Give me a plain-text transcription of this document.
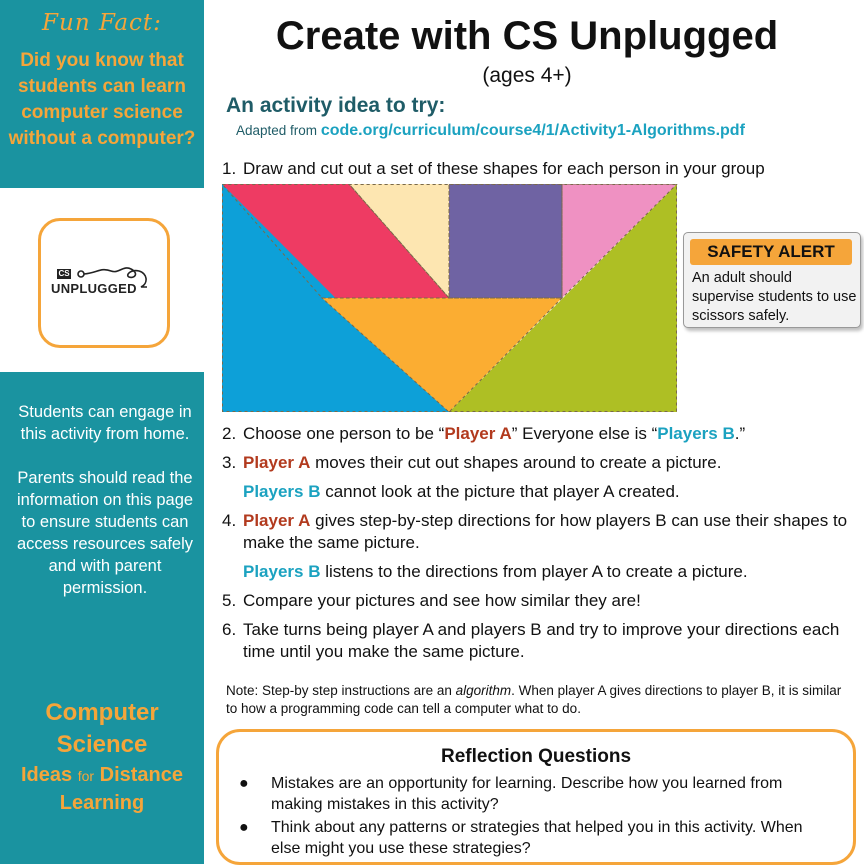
Fun Fact:
Did you know that students can learn computer science without a computer?
CS
UNPLUGGED
Students can engage in this activity from home.
Parents should read the information on this page to ensure students can access resources safely and with parent permission.
Computer
Science
Ideas for Distance
Learning
Create with CS Unplugged
(ages 4+)
An activity idea to try:
Adapted from code.org/curriculum/course4/1/Activity1-Algorithms.pdf
1. Draw and cut out a set of these shapes for each person in your group
SAFETY ALERT
An adult should supervise students to use scissors safely.
2. Choose one person to be “Player A” Everyone else is “Players B.”
3. Player A moves their cut out shapes around to create a picture.
Players B cannot look at the picture that player A created.
4. Player A gives step-by-step directions for how players B can use their shapes to make the same picture.
Players B listens to the directions from player A to create a picture.
5. Compare your pictures and see how similar they are!
6. Take turns being player A and players B and try to improve your directions each time until you make the same picture.
Note: Step-by step instructions are an algorithm. When player A gives directions to player B, it is similar to how a programming code can tell a computer what to do.
Reflection Questions
●	Mistakes are an opportunity for learning. Describe how you learned from making mistakes in this activity?
●	Think about any patterns or strategies that helped you in this activity. When else might you use these strategies?
